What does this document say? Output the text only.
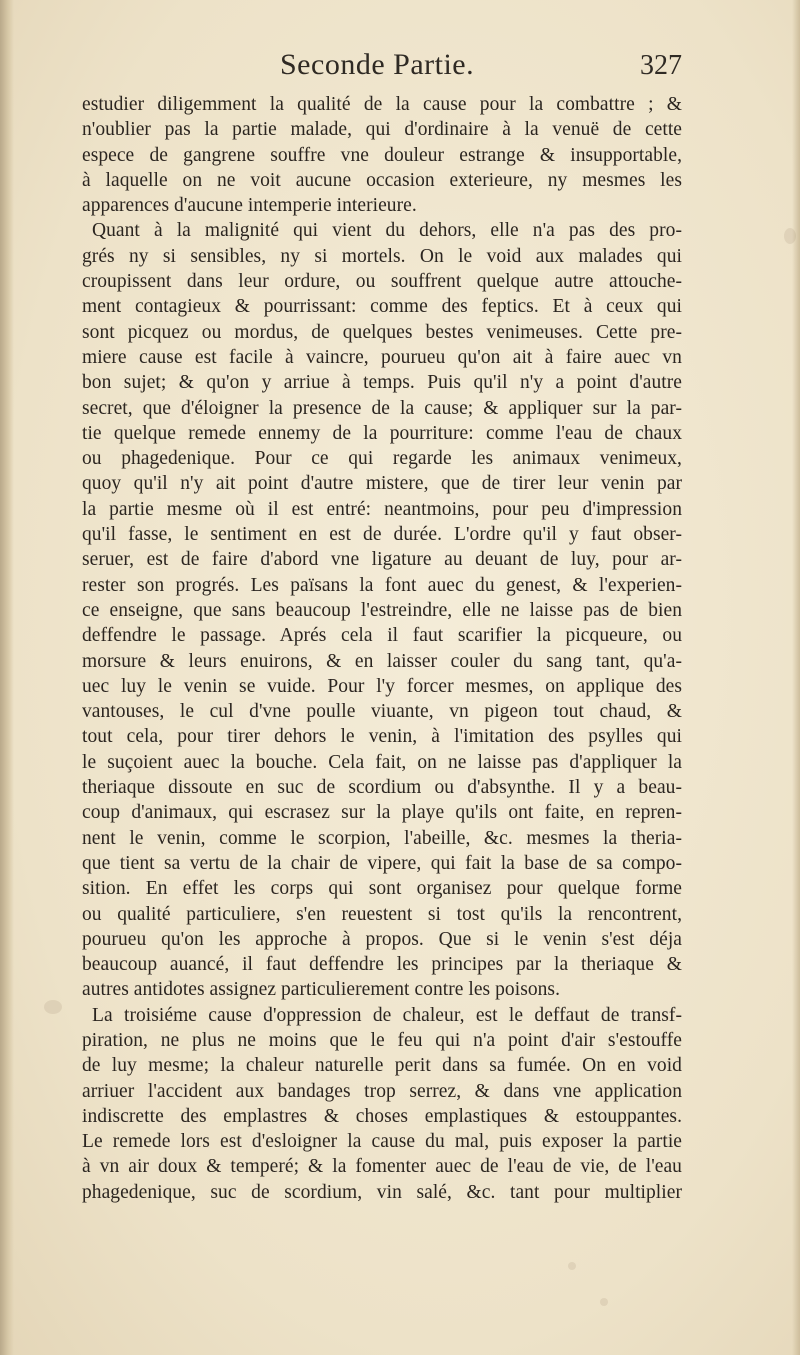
Seconde Partie.	327
estudier diligemment la qualité de la cause pour la combattre ; &
n'oublier pas la partie malade, qui d'ordinaire à la venuë de cette
espece de gangrene souffre vne douleur estrange & insupportable,
à laquelle on ne voit aucune occasion exterieure, ny mesmes les
apparences d'aucune intemperie interieure.
Quant à la malignité qui vient du dehors, elle n'a pas des pro-
grés ny si sensibles, ny si mortels. On le void aux malades qui
croupissent dans leur ordure, ou souffrent quelque autre attouche-
ment contagieux & pourrissant: comme des feptics. Et à ceux qui
sont picquez ou mordus, de quelques bestes venimeuses. Cette pre-
miere cause est facile à vaincre, pourueu qu'on ait à faire auec vn
bon sujet; & qu'on y arriue à temps. Puis qu'il n'y a point d'autre
secret, que d'éloigner la presence de la cause; & appliquer sur la par-
tie quelque remede ennemy de la pourriture: comme l'eau de chaux
ou phagedenique. Pour ce qui regarde les animaux venimeux,
quoy qu'il n'y ait point d'autre mistere, que de tirer leur venin par
la partie mesme où il est entré: neantmoins, pour peu d'impression
qu'il fasse, le sentiment en est de durée. L'ordre qu'il y faut obser-
seruer, est de faire d'abord vne ligature au deuant de luy, pour ar-
rester son progrés. Les païsans la font auec du genest, & l'experien-
ce enseigne, que sans beaucoup l'estreindre, elle ne laisse pas de bien
deffendre le passage. Aprés cela il faut scarifier la picqueure, ou
morsure & leurs enuirons, & en laisser couler du sang tant, qu'a-
uec luy le venin se vuide. Pour l'y forcer mesmes, on applique des
vantouses, le cul d'vne poulle viuante, vn pigeon tout chaud, &
tout cela, pour tirer dehors le venin, à l'imitation des psylles qui
le suçoient auec la bouche. Cela fait, on ne laisse pas d'appliquer la
theriaque dissoute en suc de scordium ou d'absynthe. Il y a beau-
coup d'animaux, qui escrasez sur la playe qu'ils ont faite, en repren-
nent le venin, comme le scorpion, l'abeille, &c. mesmes la theria-
que tient sa vertu de la chair de vipere, qui fait la base de sa compo-
sition. En effet les corps qui sont organisez pour quelque forme
ou qualité particuliere, s'en reuestent si tost qu'ils la rencontrent,
pourueu qu'on les approche à propos. Que si le venin s'est déja
beaucoup auancé, il faut deffendre les principes par la theriaque &
autres antidotes assignez particulierement contre les poisons.
La troisiéme cause d'oppression de chaleur, est le deffaut de transf-
piration, ne plus ne moins que le feu qui n'a point d'air s'estouffe
de luy mesme; la chaleur naturelle perit dans sa fumée. On en void
arriuer l'accident aux bandages trop serrez, & dans vne application
indiscrette des emplastres & choses emplastiques & estouppantes.
Le remede lors est d'esloigner la cause du mal, puis exposer la partie
à vn air doux & temperé; & la fomenter auec de l'eau de vie, de l'eau
phagedenique, suc de scordium, vin salé, &c. tant pour multiplier
